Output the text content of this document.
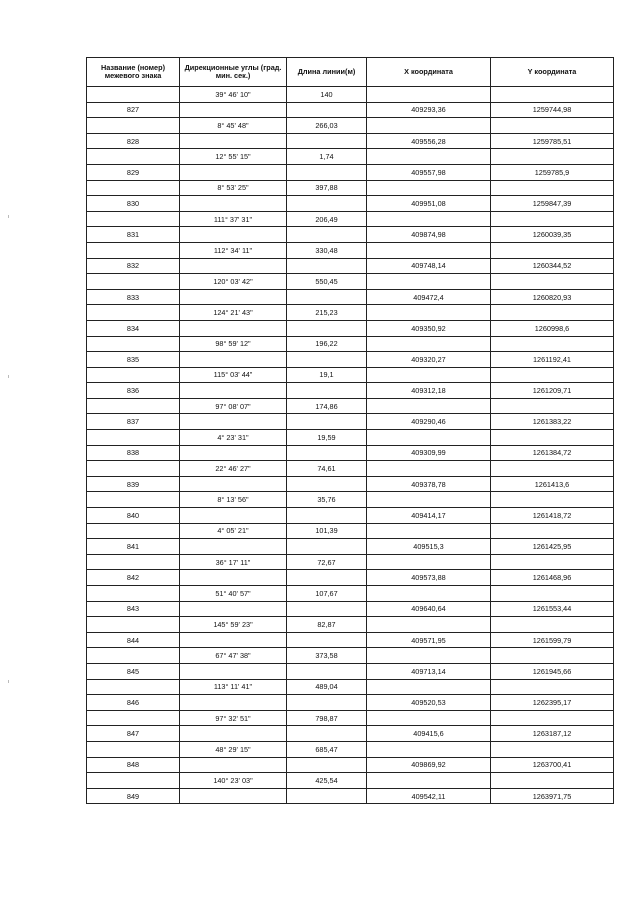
Название (номер) межевого знака	Дирекционные углы (град. мин. сек.)	Длина линии(м)	X координата	Y координата
	39° 46' 10"	140		
827			409293,36	1259744,98
	8° 45' 48"	266,03		
828			409556,28	1259785,51
	12° 55' 15"	1,74		
829			409557,98	1259785,9
	8° 53' 25"	397,88		
830			409951,08	1259847,39
	111° 37' 31"	206,49		
831			409874,98	1260039,35
	112° 34' 11"	330,48		
832			409748,14	1260344,52
	120° 03' 42"	550,45		
833			409472,4	1260820,93
	124° 21' 43"	215,23		
834			409350,92	1260998,6
	98° 59' 12"	196,22		
835			409320,27	1261192,41
	115° 03' 44"	19,1		
836			409312,18	1261209,71
	97° 08' 07"	174,86		
837			409290,46	1261383,22
	4° 23' 31"	19,59		
838			409309,99	1261384,72
	22° 46' 27"	74,61		
839			409378,78	1261413,6
	8° 13' 56"	35,76		
840			409414,17	1261418,72
	4° 05' 21"	101,39		
841			409515,3	1261425,95
	36° 17' 11"	72,67		
842			409573,88	1261468,96
	51° 40' 57"	107,67		
843			409640,64	1261553,44
	145° 59' 23"	82,87		
844			409571,95	1261599,79
	67° 47' 38"	373,58		
845			409713,14	1261945,66
	113° 11' 41"	489,04		
846			409520,53	1262395,17
	97° 32' 51"	798,87		
847			409415,6	1263187,12
	48° 29' 15"	685,47		
848			409869,92	1263700,41
	140° 23' 03"	425,54		
849			409542,11	1263971,75
